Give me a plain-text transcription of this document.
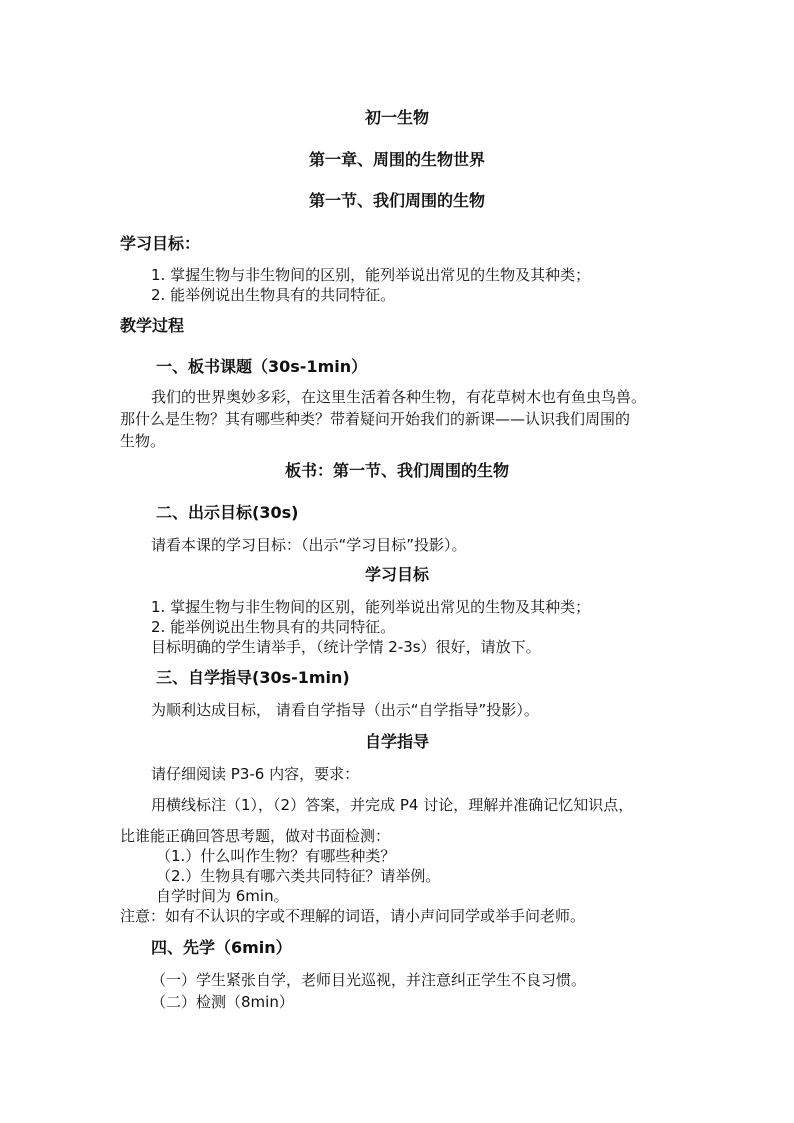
初一生物
第一章、周围的生物世界
第一节、我们周围的生物
学习目标：
1. 掌握生物与非生物间的区别，能列举说出常见的生物及其种类；
2. 能举例说出生物具有的共同特征。
教学过程
一、板书课题（30s-1min）
我们的世界奥妙多彩，在这里生活着各种生物，有花草树木也有鱼虫鸟兽。
那什么是生物？其有哪些种类？带着疑问开始我们的新课——认识我们周围的
生物。
板书：第一节、我们周围的生物
二、出示目标(30s)
请看本课的学习目标：（出示“学习目标”投影）。
学习目标
1. 掌握生物与非生物间的区别，能列举说出常见的生物及其种类；
2. 能举例说出生物具有的共同特征。
目标明确的学生请举手，（统计学情 2-3s）很好，请放下。
三、自学指导(30s-1min)
为顺利达成目标， 请看自学指导（出示“自学指导”投影）。
自学指导
请仔细阅读 P3-6 内容，要求：
用横线标注（1），（2）答案，并完成 P4 讨论，理解并准确记忆知识点，
比谁能正确回答思考题，做对书面检测：
（1.）什么叫作生物？有哪些种类？
（2.）生物具有哪六类共同特征？请举例。
自学时间为 6min。
注意：如有不认识的字或不理解的词语，请小声问同学或举手问老师。
四、先学（6min）
（一）学生紧张自学，老师目光巡视，并注意纠正学生不良习惯。
（二）检测（8min）
